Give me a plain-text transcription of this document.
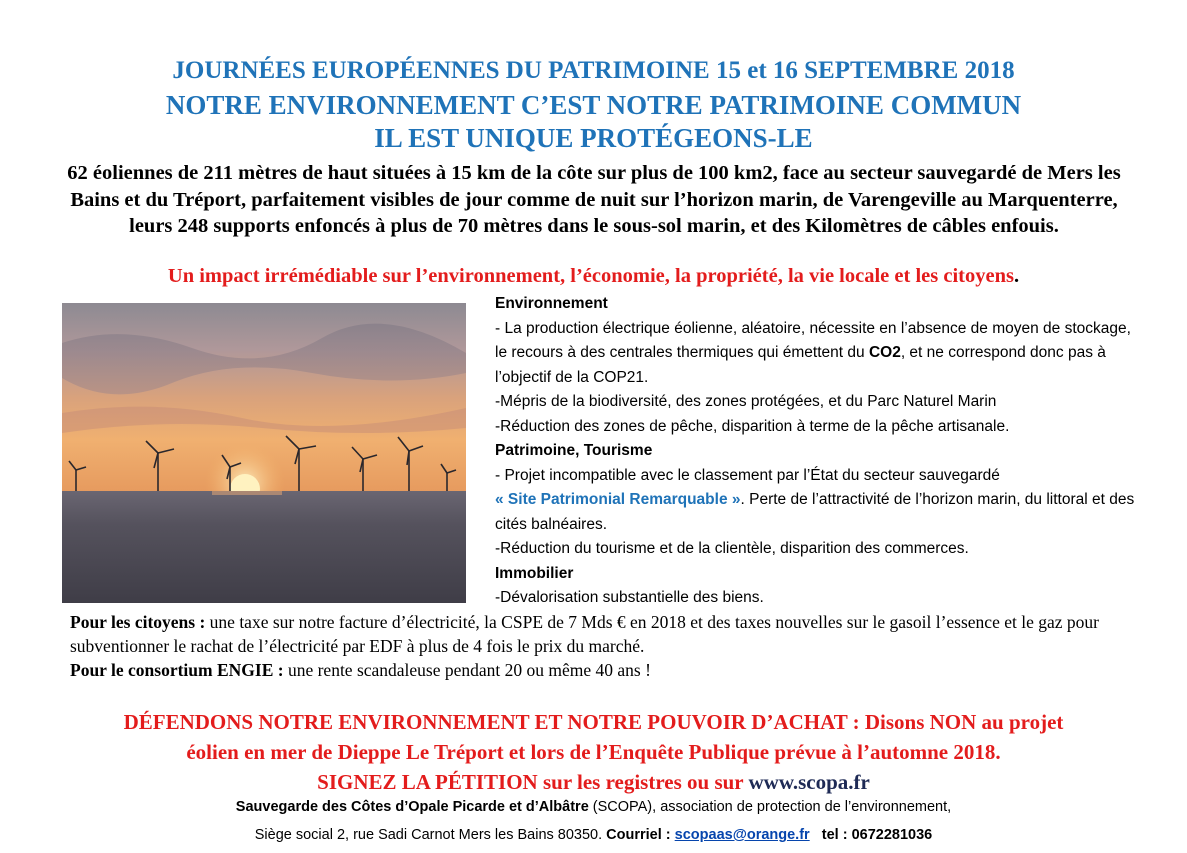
JOURNÉES EUROPÉENNES DU PATRIMOINE 15 et 16 SEPTEMBRE 2018
NOTRE ENVIRONNEMENT C’EST NOTRE PATRIMOINE COMMUN
IL EST UNIQUE PROTÉGEONS-LE
62 éoliennes de 211 mètres de haut situées à 15 km de la côte sur plus de 100 km2, face au secteur sauvegardé de Mers les Bains et du Tréport, parfaitement visibles de jour comme de nuit sur l’horizon marin, de Varengeville au Marquenterre, leurs 248 supports enfoncés à plus de 70 mètres dans le sous-sol marin, et des Kilomètres de câbles enfouis.
Un impact irrémédiable sur l’environnement, l’économie, la propriété, la vie locale et les citoyens.

Environnement

- La production électrique éolienne, aléatoire, nécessite en l’absence de moyen de stockage, le recours à des centrales thermiques qui émettent du CO2, et ne correspond donc pas à l’objectif de la COP21.

-Mépris de la biodiversité, des zones protégées, et du Parc Naturel Marin

-Réduction des zones de pêche, disparition à terme de la pêche artisanale.

Patrimoine, Tourisme

- Projet incompatible avec le classement par l’État du secteur sauvegardé
« Site Patrimonial Remarquable ». Perte de l’attractivité de l’horizon marin, du littoral et des cités balnéaires.

-Réduction du tourisme et de la clientèle, disparition des commerces.

Immobilier

-Dévalorisation substantielle des biens.

Pour les citoyens : une taxe sur notre facture d’électricité, la CSPE de 7 Mds € en 2018 et des taxes nouvelles sur le gasoil l’essence et le gaz pour subventionner le rachat de l’électricité par EDF à plus de 4 fois le prix du marché.

Pour le consortium ENGIE : une rente scandaleuse pendant 20 ou même 40 ans !

DÉFENDONS NOTRE ENVIRONNEMENT ET NOTRE POUVOIR D’ACHAT : Disons NON au projet
éolien en mer de Dieppe Le Tréport et lors de l’Enquête Publique prévue à l’automne 2018.
SIGNEZ LA PÉTITION sur les registres ou sur www.scopa.fr
Sauvegarde des Côtes d’Opale Picarde et d’Albâtre (SCOPA), association de protection de l’environnement,
Siège social 2, rue Sadi Carnot Mers les Bains 80350. Courriel : scopaas@orange.fr   tel : 0672281036
